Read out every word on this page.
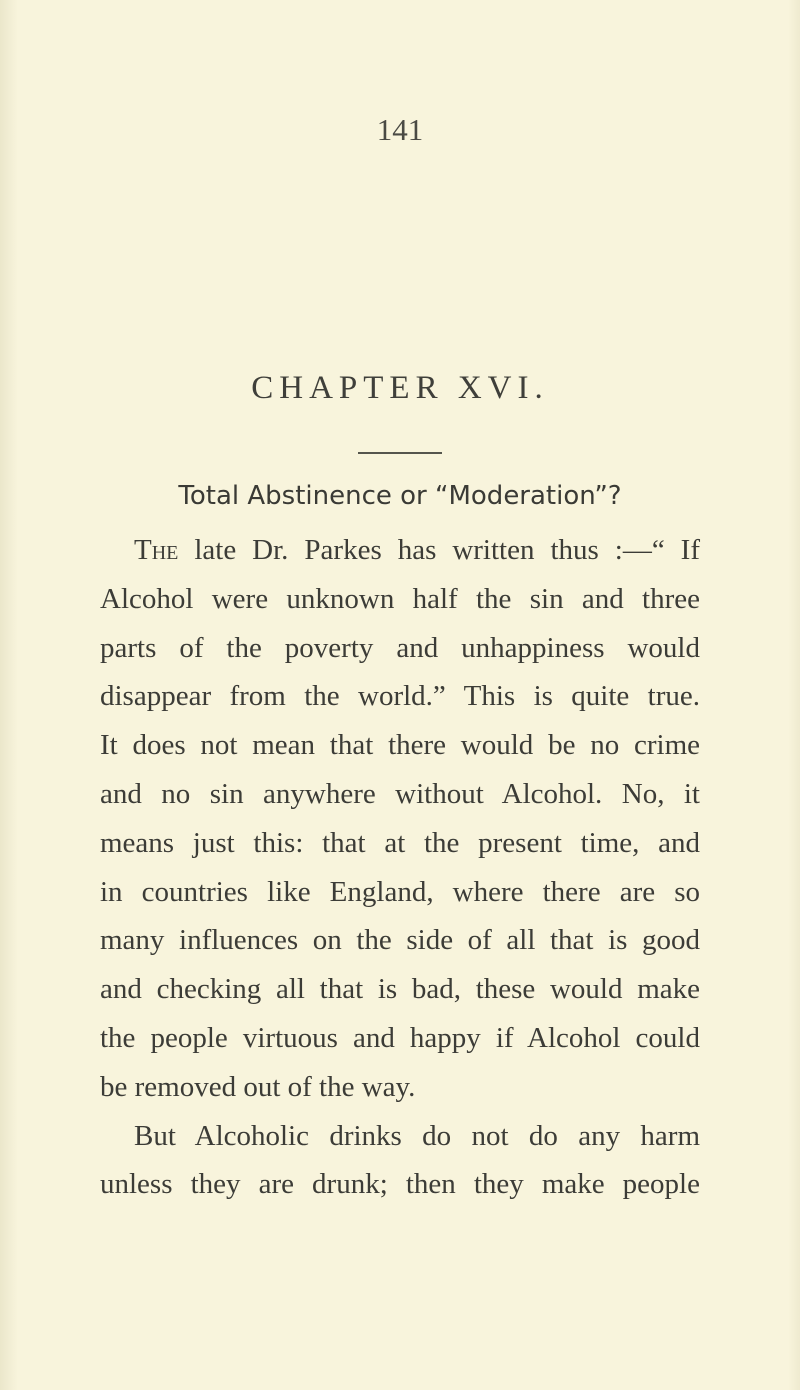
141
CHAPTER XVI.
Total Abstinence or “Moderation”?
The late Dr. Parkes has written thus :—“ If
Alcohol were unknown half the sin and three
parts of the poverty and unhappiness would
disappear from the world.” This is quite true.
It does not mean that there would be no crime
and no sin anywhere without Alcohol. No, it
means just this: that at the present time, and
in countries like England, where there are so
many influences on the side of all that is good
and checking all that is bad, these would make
the people virtuous and happy if Alcohol could
be removed out of the way.
But Alcoholic drinks do not do any harm
unless they are drunk; then they make people
